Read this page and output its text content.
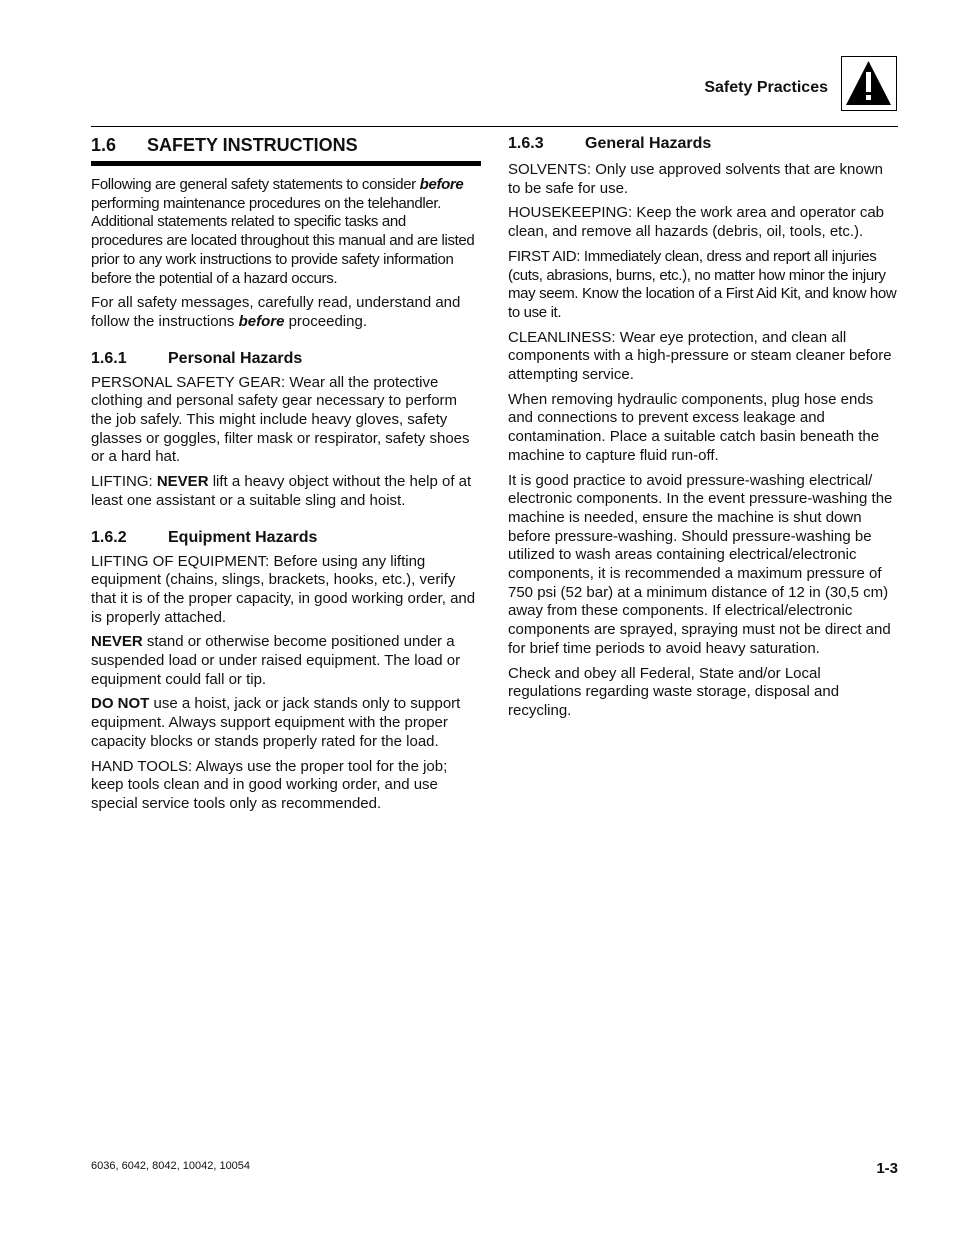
Safety Practices
1.6	SAFETY INSTRUCTIONS

Following are general safety statements to consider before performing maintenance procedures on the telehandler. Additional statements related to specific tasks and procedures are located throughout this manual and are listed prior to any work instructions to provide safety information before the potential of a hazard occurs.

For all safety messages, carefully read, understand and follow the instructions before proceeding.

1.6.1	Personal Hazards

PERSONAL SAFETY GEAR: Wear all the protective clothing and personal safety gear necessary to perform the job safely. This might include heavy gloves, safety glasses or goggles, filter mask or respirator, safety shoes or a hard hat.

LIFTING: NEVER lift a heavy object without the help of at least one assistant or a suitable sling and hoist.

1.6.2	Equipment Hazards

LIFTING OF EQUIPMENT: Before using any lifting equipment (chains, slings, brackets, hooks, etc.), verify that it is of the proper capacity, in good working order, and is properly attached.

NEVER stand or otherwise become positioned under a suspended load or under raised equipment. The load or equipment could fall or tip.

DO NOT use a hoist, jack or jack stands only to support equipment. Always support equipment with the proper capacity blocks or stands properly rated for the load.

HAND TOOLS: Always use the proper tool for the job; keep tools clean and in good working order, and use special service tools only as recommended.

1.6.3	General Hazards

SOLVENTS: Only use approved solvents that are known to be safe for use.

HOUSEKEEPING: Keep the work area and operator cab clean, and remove all hazards (debris, oil, tools, etc.).

FIRST AID: Immediately clean, dress and report all injuries (cuts, abrasions, burns, etc.), no matter how minor the injury may seem. Know the location of a First Aid Kit, and know how to use it.

CLEANLINESS: Wear eye protection, and clean all components with a high-pressure or steam cleaner before attempting service.

When removing hydraulic components, plug hose ends and connections to prevent excess leakage and contamination. Place a suitable catch basin beneath the machine to capture fluid run-off.

It is good practice to avoid pressure-washing electrical/ electronic components. In the event pressure-washing the machine is needed, ensure the machine is shut down before pressure-washing. Should pressure-washing be utilized to wash areas containing electrical/electronic components, it is recommended a maximum pressure of 750 psi (52 bar) at a minimum distance of 12 in (30,5 cm) away from these components. If electrical/electronic components are sprayed, spraying must not be direct and for brief time periods to avoid heavy saturation.

Check and obey all Federal, State and/or Local regulations regarding waste storage, disposal and recycling.

6036, 6042, 8042, 10042, 10054	1-3
